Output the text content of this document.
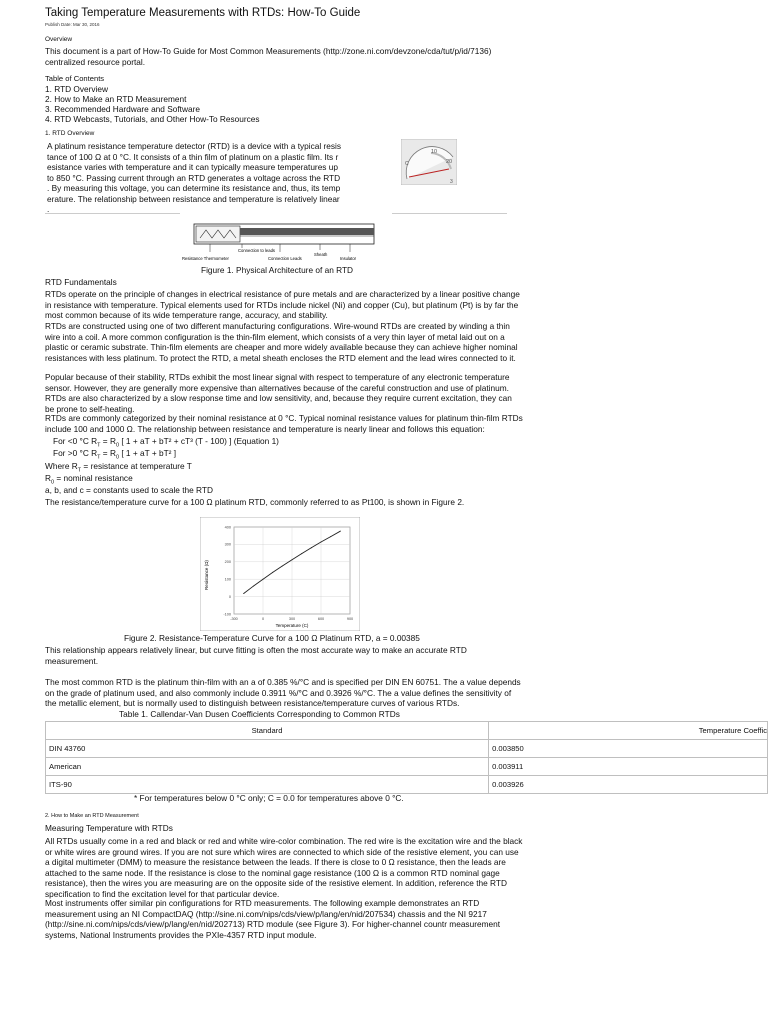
Taking Temperature Measurements with RTDs: How-To Guide
Publish Date: Mar 30, 2016
Overview
This document is a part of How-To Guide for Most Common Measurements (http://zone.ni.com/devzone/cda/tut/p/id/7136) centralized resource portal.
Table of Contents
1. RTD Overview
2. How to Make an RTD Measurement
3. Recommended Hardware and Software
4. RTD Webcasts, Tutorials, and Other How-To Resources
1. RTD Overview
A platinum resistance temperature detector (RTD) is a device with a typical resis
tance of 100 Ω at 0 °C. It consists of a thin film of platinum on a plastic film. Its r
esistance varies with temperature and it can typically measure temperatures up
to 850 °C. Passing current through an RTD generates a voltage across the RTD
. By measuring this voltage, you can determine its resistance and, thus, its temp
erature. The relationship between resistance and temperature is relatively linear
.
10
20
C
3
Resistance Thermometer
Connection to leads
Connection Leads
Sheath
Insulator
Figure 1. Physical Architecture of an RTD
RTD Fundamentals
RTDs operate on the principle of changes in electrical resistance of pure metals and are characterized by a linear positive change in resistance with temperature. Typical elements used for RTDs include nickel (Ni) and copper (Cu), but platinum (Pt) is by far the most common because of its wide temperature range, accuracy, and stability.
RTDs are constructed using one of two different manufacturing configurations. Wire-wound RTDs are created by winding a thin wire into a coil. A more common configuration is the thin-film element, which consists of a very thin layer of metal laid out on a plastic or ceramic substrate. Thin-film elements are cheaper and more widely available because they can achieve higher nominal resistances with less platinum. To protect the RTD, a metal sheath encloses the RTD element and the lead wires connected to it.
Popular because of their stability, RTDs exhibit the most linear signal with respect to temperature of any electronic temperature sensor. However, they are generally more expensive than alternatives because of the careful construction and use of platinum. RTDs are also characterized by a slow response time and low sensitivity, and, because they require current excitation, they can be prone to self-heating.
RTDs are commonly categorized by their nominal resistance at 0 °C. Typical nominal resistance values for platinum thin-film RTDs include 100 and 1000 Ω. The relationship between resistance and temperature is nearly linear and follows this equation:
For <0 °C $R_T = R_0$ [ 1 + aT + bT² + cT³ (T - 100) ] (Equation 1)
For >0 °C $R_T = R_0$ [ 1 + aT + bT² ]
Where $R_T$ = resistance at temperature T
$R_0$ = nominal resistance
a, b, and c = constants used to scale the RTD
The resistance/temperature curve for a 100 Ω platinum RTD, commonly referred to as Pt100, is shown in Figure 2.
-300	0	300	600	900
-100
0
100
200
300
400
Temperature (C)
Resistance (Ω)
Figure 2. Resistance-Temperature Curve for a 100 Ω Platinum RTD, a = 0.00385
This relationship appears relatively linear, but curve fitting is often the most accurate way to make an accurate RTD measurement.
The most common RTD is the platinum thin-film with an a of 0.385 %/°C and is specified per DIN EN 60751. The a value depends on the grade of platinum used, and also commonly include 0.3911 %/°C and 0.3926 %/°C. The a value defines the sensitivity of the metallic element, but is normally used to distinguish between resistance/temperature curves of various RTDs.
Table 1. Callendar-Van Dusen Coefficients Corresponding to Common RTDs
Standard	Temperature Coeffic
DIN 43760	0.003850
American	0.003911
ITS-90	0.003926
* For temperatures below 0 °C only; C = 0.0 for temperatures above 0 °C.
2. How to Make an RTD Measurement
Measuring Temperature with RTDs
All RTDs usually come in a red and black or red and white wire-color combination. The red wire is the excitation wire and the black or white wires are ground wires. If you are not sure which wires are connected to which side of the resistive element, you can use a digital multimeter (DMM) to measure the resistance between the leads. If there is close to 0 Ω resistance, then the leads are attached to the same node. If the resistance is close to the nominal gage resistance (100 Ω is a common RTD nominal gage resistance), then the wires you are measuring are on the opposite side of the resistive element. In addition, reference the RTD specification to find the excitation level for that particular device.
Most instruments offer similar pin configurations for RTD measurements. The following example demonstrates an RTD measurement using an NI CompactDAQ (http://sine.ni.com/nips/cds/view/p/lang/en/nid/207534) chassis and the NI 9217 (http://sine.ni.com/nips/cds/view/p/lang/en/nid/202713) RTD module (see Figure 3). For higher-channel countr measurement systems, National Instruments provides the PXIe-4357 RTD input module.
